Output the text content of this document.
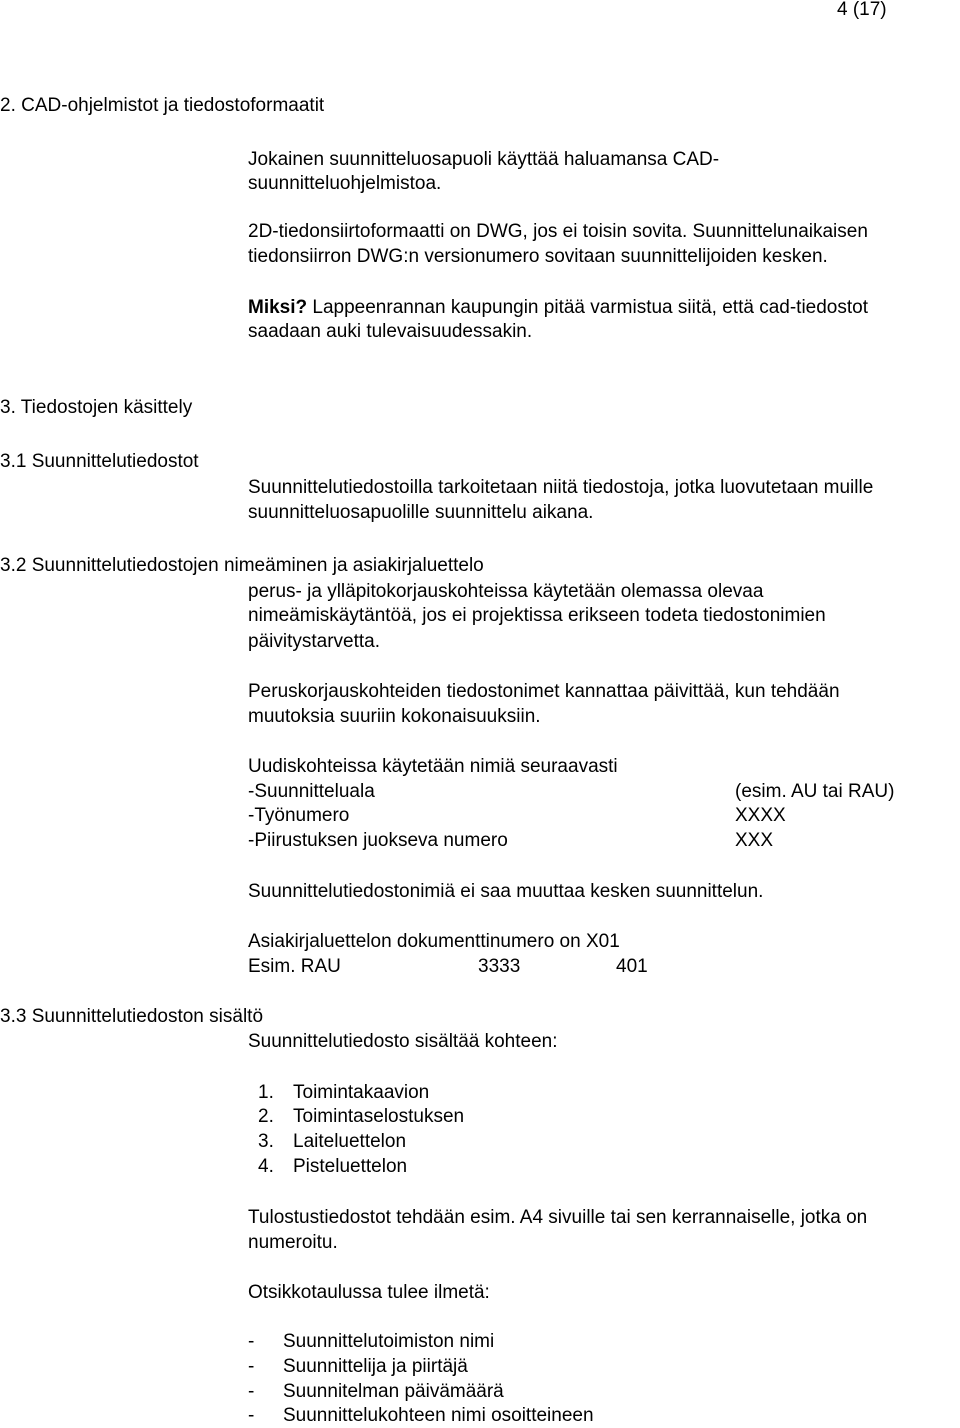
4 (17)
2. CAD-ohjelmistot ja tiedostoformaatit
Jokainen suunnitteluosapuoli käyttää haluamansa CAD-
suunnitteluohjelmistoa.
2D-tiedonsiirtoformaatti on DWG, jos ei toisin sovita. Suunnittelunaikaisen
tiedonsiirron DWG:n versionumero sovitaan suunnittelijoiden kesken.
Miksi? Lappeenrannan kaupungin pitää varmistua siitä, että cad-tiedostot
saadaan auki tulevaisuudessakin.
3. Tiedostojen käsittely
3.1 Suunnittelutiedostot
Suunnittelutiedostoilla tarkoitetaan niitä tiedostoja, jotka luovutetaan muille
suunnitteluosapuolille suunnittelu aikana.
3.2 Suunnittelutiedostojen nimeäminen ja asiakirjaluettelo
perus- ja ylläpitokorjauskohteissa käytetään olemassa olevaa
nimeämiskäytäntöä, jos ei projektissa erikseen todeta tiedostonimien
päivitystarvetta.
Peruskorjauskohteiden tiedostonimet kannattaa päivittää, kun tehdään
muutoksia suuriin kokonaisuuksiin.
Uudiskohteissa käytetään nimiä seuraavasti
-Suunnitteluala	(esim. AU tai RAU)
-Työnumero	XXXX
-Piirustuksen juokseva numero	XXX
Suunnittelutiedostonimiä ei saa muuttaa kesken suunnittelun.
Asiakirjaluettelon dokumenttinumero on X01
Esim. RAU	3333	401
3.3 Suunnittelutiedoston sisältö
Suunnittelutiedosto sisältää kohteen:
1. Toimintakaavion
2. Toimintaselostuksen
3. Laiteluettelon
4. Pisteluettelon
Tulostustiedostot tehdään esim. A4 sivuille tai sen kerrannaiselle, jotka on
numeroitu.
Otsikkotaulussa tulee ilmetä:
- Suunnittelutoimiston nimi
- Suunnittelija ja piirtäjä
- Suunnitelman päivämäärä
- Suunnittelukohteen nimi osoitteineen
